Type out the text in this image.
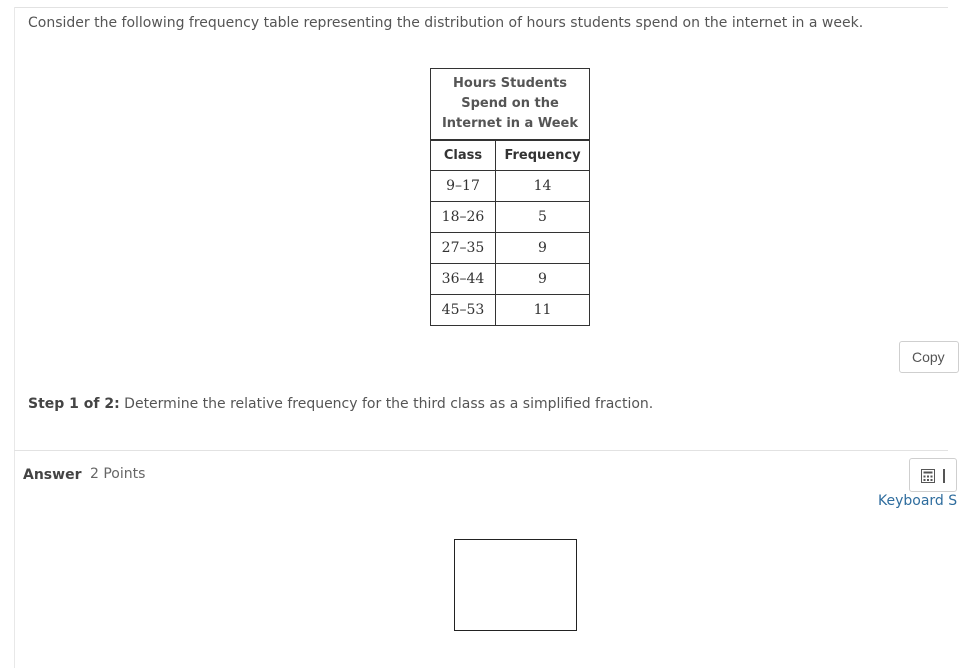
Consider the following frequency table representing the distribution of hours students spend on the internet in a week.
Hours Students
Spend on the
Internet in a Week	

Class	Frequency
9–17	14
18–26	5
27–35	9
36–44	9
45–53	11
Copy
Step 1 of 2: Determine the relative frequency for the third class as a simplified fraction.
Answer 2 Points
Keyboard S
